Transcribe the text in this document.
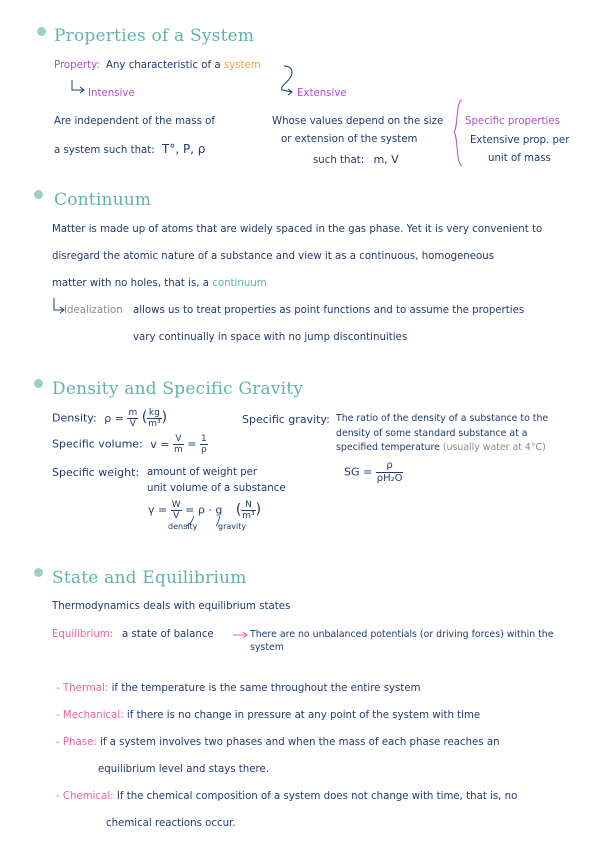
Properties of a System
Property: Any characteristic of a system
Intensive	Extensive
Are independent of the mass of
a system such that: T°, P, ρ
Whose values depend on the size
or extension of the system
such that: m, V
Specific properties
Extensive prop. per
unit of mass
Continuum
Matter is made up of atoms that are widely spaced in the gas phase. Yet it is very convenient to
disregard the atomic nature of a substance and view it as a continuous, homogeneous
matter with no holes, that is, a continuum
Idealization allows us to treat properties as point functions and to assume the properties
vary continually in space with no jump discontinuities
Density and Specific Gravity
Density: $\rho = \frac{m}{V}$ ( $\frac{kg}{\text{m³}}$ )
Specific volume: $v = \frac{V}{m} = \frac{1}{\rho}$
Specific weight: amount of weight per
unit volume of a substance
$\gamma = \frac{W}{V} = \rho \cdot g$ ( $\frac{N}{\text{m³}}$ )
density	gravity
Specific gravity: The ratio of the density of a substance to the
density of some standard substance at a
specified temperature (usually water at 4°C)
SG = $\frac{\rho}{\text{ρH₂O}}$
State and Equilibrium
Thermodynamics deals with equilibrium states
Equilibrium: a state of balance	There are no unbalanced potentials (or driving forces) within the
system
- Thermal: if the temperature is the same throughout the entire system
- Mechanical: if there is no change in pressure at any point of the system with time
- Phase: if a system involves two phases and when the mass of each phase reaches an
equilibrium level and stays there.
- Chemical: If the chemical composition of a system does not change with time, that is, no
chemical reactions occur.
